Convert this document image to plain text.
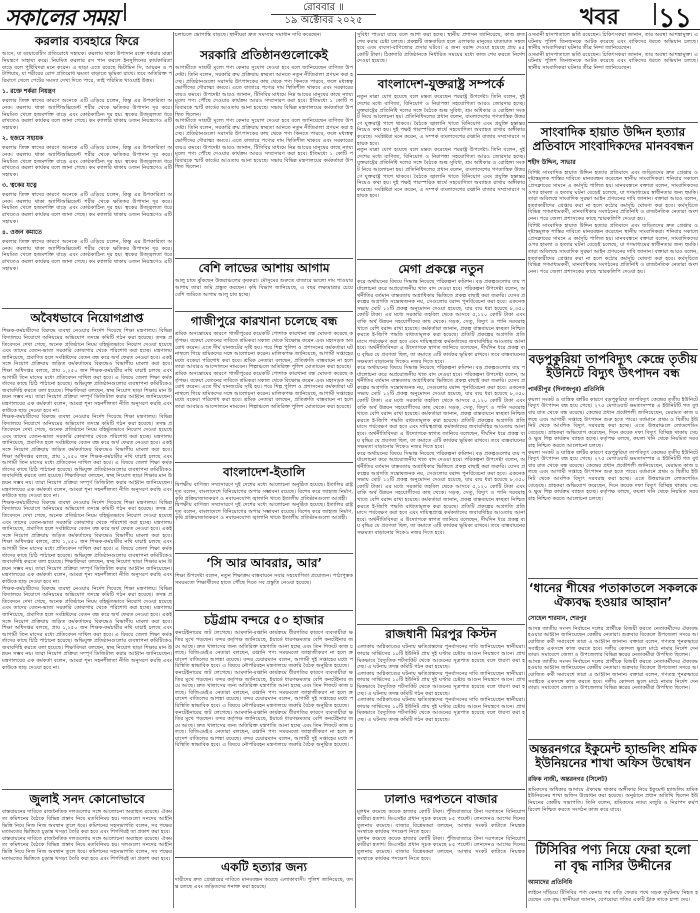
সকালের সময়	রোববার ॥
১৯ অক্টোবর ২০২৫	খবর ১১
করলার ব্যবহারে ফিরে
আসে, যা ডায়াবেটিস প্রতিরোধে সহায়ক। করলায় থাকা উপাদান রক্তে শর্করার মাত্রা নিয়ন্ত্রণে সাহায্য করে। নিয়মিত করলার রস পান করলে ইনসুলিনের কার্যকারিতা বাড়ে বলে পুষ্টিবিদরা মনে করেন। এ ছাড়া এতে রয়েছে ভিটামিন সি, আয়রন ও পটাশিয়াম, যা শরীরের রোগ প্রতিরোধ ক্ষমতা বাড়াতে ভূমিকা রাখে। তবে অতিরিক্ত পরিমাণে খেলে পেটের সমস্যা দেখা দিতে পারে, তাই পরিমিত খাওয়াই উত্তম।
১. রক্তে শর্করা নিয়ন্ত্রণ
করলার তিক্ত স্বাদের কারণে অনেকে এটি এড়িয়ে চলেন, কিন্তু এর উপকারিতা অনেক। করলায় থাকা অ্যান্টিঅক্সিডেন্ট শরীর থেকে ক্ষতিকর উপাদান দূর করে। নিয়মিত খেলে হজমশক্তি বাড়ে এবং কোষ্ঠকাঠিন্য দূর হয়। ত্বকের উজ্জ্বলতা ধরে রাখতেও করলা কার্যকর বলে জানা গেছে। কম ক্যালরি থাকায় ওজন নিয়ন্ত্রণেও এটি সহায়ক।
২. হজমে সহায়ক
করলার তিক্ত স্বাদের কারণে অনেকে এটি এড়িয়ে চলেন, কিন্তু এর উপকারিতা অনেক। করলায় থাকা অ্যান্টিঅক্সিডেন্ট শরীর থেকে ক্ষতিকর উপাদান দূর করে। নিয়মিত খেলে হজমশক্তি বাড়ে এবং কোষ্ঠকাঠিন্য দূর হয়। ত্বকের উজ্জ্বলতা ধরে রাখতেও করলা কার্যকর বলে জানা গেছে। কম ক্যালরি থাকায় ওজন নিয়ন্ত্রণেও এটি সহায়ক।
৩. ত্বকের যত্নে
করলার তিক্ত স্বাদের কারণে অনেকে এটি এড়িয়ে চলেন, কিন্তু এর উপকারিতা অনেক। করলায় থাকা অ্যান্টিঅক্সিডেন্ট শরীর থেকে ক্ষতিকর উপাদান দূর করে। নিয়মিত খেলে হজমশক্তি বাড়ে এবং কোষ্ঠকাঠিন্য দূর হয়। ত্বকের উজ্জ্বলতা ধরে রাখতেও করলা কার্যকর বলে জানা গেছে। কম ক্যালরি থাকায় ওজন নিয়ন্ত্রণেও এটি সহায়ক।
৪. ওজন কমাতে
করলার তিক্ত স্বাদের কারণে অনেকে এটি এড়িয়ে চলেন, কিন্তু এর উপকারিতা অনেক। করলায় থাকা অ্যান্টিঅক্সিডেন্ট শরীর থেকে ক্ষতিকর উপাদান দূর করে। নিয়মিত খেলে হজমশক্তি বাড়ে এবং কোষ্ঠকাঠিন্য দূর হয়। ত্বকের উজ্জ্বলতা ধরে রাখতেও করলা কার্যকর বলে জানা গেছে। কম ক্যালরি থাকায় ওজন নিয়ন্ত্রণেও এটি সহায়ক।
অবৈধভাবে নিয়োগপ্রাপ্ত
শিক্ষক-কর্মচারীদের বিরুদ্ধে ব্যবস্থা নেওয়ার নির্দেশ দিয়েছে শিক্ষা মন্ত্রণালয়। বিভিন্ন বিদ্যালয়ে নিয়োগে অনিয়মের অভিযোগ তদন্তে কমিটি গঠন করা হয়েছে। তদন্ত প্রতিবেদনে দেখা গেছে, অনেক প্রতিষ্ঠানে নিয়ম বহির্ভূতভাবে নিয়োগ দেওয়া হয়েছে এবং তাদের বেতন-ভাতা সরকারি কোষাগার থেকে পরিশোধ করা হচ্ছে। মন্ত্রণালয় জানিয়েছে, প্রমাণিত হলে সংশ্লিষ্টদের বেতন বন্ধ করে অর্থ ফেরত নেওয়া হবে। একই সঙ্গে নিয়োগ প্রক্রিয়ায় জড়িত কর্মকর্তাদের বিরুদ্ধেও বিভাগীয় মামলা করা হবে। শিক্ষা অধিদপ্তর বলছে, প্রায় ১,২৫০ জন শিক্ষক-কর্মচারীর নথি যাচাই চলছে এবং আগামী তিন মাসের মধ্যে প্রতিবেদন দাখিল করা হবে। এ বিষয়ে জেলা শিক্ষা কর্মকর্তাদের কাছে চিঠি পাঠানো হয়েছে। অভিযুক্ত প্রতিষ্ঠানগুলোর ব্যবস্থাপনা কমিটিকেও জবাবদিহি করতে বলা হয়েছে। শিক্ষাবিদরা বলছেন, স্বচ্ছ নিয়োগ ছাড়া শিক্ষার মান উন্নয়ন সম্ভব নয়। তারা নিয়োগ প্রক্রিয়া সম্পূর্ণ ডিজিটাল করার আহ্বান জানিয়েছেন। মন্ত্রণালয়ের এক কর্মকর্তা বলেন, আমরা শূন্য সহনশীলতা নীতি অনুসরণ করছি এবং কাউকে ছাড় দেওয়া হবে না।
শিক্ষক-কর্মচারীদের বিরুদ্ধে ব্যবস্থা নেওয়ার নির্দেশ দিয়েছে শিক্ষা মন্ত্রণালয়। বিভিন্ন বিদ্যালয়ে নিয়োগে অনিয়মের অভিযোগ তদন্তে কমিটি গঠন করা হয়েছে। তদন্ত প্রতিবেদনে দেখা গেছে, অনেক প্রতিষ্ঠানে নিয়ম বহির্ভূতভাবে নিয়োগ দেওয়া হয়েছে এবং তাদের বেতন-ভাতা সরকারি কোষাগার থেকে পরিশোধ করা হচ্ছে। মন্ত্রণালয় জানিয়েছে, প্রমাণিত হলে সংশ্লিষ্টদের বেতন বন্ধ করে অর্থ ফেরত নেওয়া হবে। একই সঙ্গে নিয়োগ প্রক্রিয়ায় জড়িত কর্মকর্তাদের বিরুদ্ধেও বিভাগীয় মামলা করা হবে। শিক্ষা অধিদপ্তর বলছে, প্রায় ১,২৫০ জন শিক্ষক-কর্মচারীর নথি যাচাই চলছে এবং আগামী তিন মাসের মধ্যে প্রতিবেদন দাখিল করা হবে। এ বিষয়ে জেলা শিক্ষা কর্মকর্তাদের কাছে চিঠি পাঠানো হয়েছে। অভিযুক্ত প্রতিষ্ঠানগুলোর ব্যবস্থাপনা কমিটিকেও জবাবদিহি করতে বলা হয়েছে। শিক্ষাবিদরা বলছেন, স্বচ্ছ নিয়োগ ছাড়া শিক্ষার মান উন্নয়ন সম্ভব নয়। তারা নিয়োগ প্রক্রিয়া সম্পূর্ণ ডিজিটাল করার আহ্বান জানিয়েছেন। মন্ত্রণালয়ের এক কর্মকর্তা বলেন, আমরা শূন্য সহনশীলতা নীতি অনুসরণ করছি এবং কাউকে ছাড় দেওয়া হবে না।
শিক্ষক-কর্মচারীদের বিরুদ্ধে ব্যবস্থা নেওয়ার নির্দেশ দিয়েছে শিক্ষা মন্ত্রণালয়। বিভিন্ন বিদ্যালয়ে নিয়োগে অনিয়মের অভিযোগ তদন্তে কমিটি গঠন করা হয়েছে। তদন্ত প্রতিবেদনে দেখা গেছে, অনেক প্রতিষ্ঠানে নিয়ম বহির্ভূতভাবে নিয়োগ দেওয়া হয়েছে এবং তাদের বেতন-ভাতা সরকারি কোষাগার থেকে পরিশোধ করা হচ্ছে। মন্ত্রণালয় জানিয়েছে, প্রমাণিত হলে সংশ্লিষ্টদের বেতন বন্ধ করে অর্থ ফেরত নেওয়া হবে। একই সঙ্গে নিয়োগ প্রক্রিয়ায় জড়িত কর্মকর্তাদের বিরুদ্ধেও বিভাগীয় মামলা করা হবে। শিক্ষা অধিদপ্তর বলছে, প্রায় ১,২৫০ জন শিক্ষক-কর্মচারীর নথি যাচাই চলছে এবং আগামী তিন মাসের মধ্যে প্রতিবেদন দাখিল করা হবে। এ বিষয়ে জেলা শিক্ষা কর্মকর্তাদের কাছে চিঠি পাঠানো হয়েছে। অভিযুক্ত প্রতিষ্ঠানগুলোর ব্যবস্থাপনা কমিটিকেও জবাবদিহি করতে বলা হয়েছে। শিক্ষাবিদরা বলছেন, স্বচ্ছ নিয়োগ ছাড়া শিক্ষার মান উন্নয়ন সম্ভব নয়। তারা নিয়োগ প্রক্রিয়া সম্পূর্ণ ডিজিটাল করার আহ্বান জানিয়েছেন। মন্ত্রণালয়ের এক কর্মকর্তা বলেন, আমরা শূন্য সহনশীলতা নীতি অনুসরণ করছি এবং কাউকে ছাড় দেওয়া হবে না।
শিক্ষক-কর্মচারীদের বিরুদ্ধে ব্যবস্থা নেওয়ার নির্দেশ দিয়েছে শিক্ষা মন্ত্রণালয়। বিভিন্ন বিদ্যালয়ে নিয়োগে অনিয়মের অভিযোগ তদন্তে কমিটি গঠন করা হয়েছে। তদন্ত প্রতিবেদনে দেখা গেছে, অনেক প্রতিষ্ঠানে নিয়ম বহির্ভূতভাবে নিয়োগ দেওয়া হয়েছে এবং তাদের বেতন-ভাতা সরকারি কোষাগার থেকে পরিশোধ করা হচ্ছে। মন্ত্রণালয় জানিয়েছে, প্রমাণিত হলে সংশ্লিষ্টদের বেতন বন্ধ করে অর্থ ফেরত নেওয়া হবে। একই সঙ্গে নিয়োগ প্রক্রিয়ায় জড়িত কর্মকর্তাদের বিরুদ্ধেও বিভাগীয় মামলা করা হবে। শিক্ষা অধিদপ্তর বলছে, প্রায় ১,২৫০ জন শিক্ষক-কর্মচারীর নথি যাচাই চলছে এবং আগামী তিন মাসের মধ্যে প্রতিবেদন দাখিল করা হবে। এ বিষয়ে জেলা শিক্ষা কর্মকর্তাদের কাছে চিঠি পাঠানো হয়েছে। অভিযুক্ত প্রতিষ্ঠানগুলোর ব্যবস্থাপনা কমিটিকেও জবাবদিহি করতে বলা হয়েছে। শিক্ষাবিদরা বলছেন, স্বচ্ছ নিয়োগ ছাড়া শিক্ষার মান উন্নয়ন সম্ভব নয়। তারা নিয়োগ প্রক্রিয়া সম্পূর্ণ ডিজিটাল করার আহ্বান জানিয়েছেন। মন্ত্রণালয়ের এক কর্মকর্তা বলেন, আমরা শূন্য সহনশীলতা নীতি অনুসরণ করছি এবং কাউকে ছাড় দেওয়া হবে না।
জুলাই সনদ কোনোভাবে
বাস্তবায়নের দাবিতে রাজনৈতিক দলগুলোর সঙ্গে আলোচনা অব্যাহত রয়েছে। ঐকমত্য কমিশনের বৈঠকে বিভিন্ন প্রস্তাব নিয়ে মতবিনিময় হয়। দলগুলো সনদের আইনি ভিত্তি নিয়ে নিজ নিজ অবস্থান তুলে ধরে। কমিশনের সহসভাপতি বলেন, সব পক্ষের মতামতের ভিত্তিতে চূড়ান্ত খসড়া তৈরি করা হবে এবং শিগগিরই তা প্রকাশ করা হবে।
বাস্তবায়নের দাবিতে রাজনৈতিক দলগুলোর সঙ্গে আলোচনা অব্যাহত রয়েছে। ঐকমত্য কমিশনের বৈঠকে বিভিন্ন প্রস্তাব নিয়ে মতবিনিময় হয়। দলগুলো সনদের আইনি ভিত্তি নিয়ে নিজ নিজ অবস্থান তুলে ধরে। কমিশনের সহসভাপতি বলেন, সব পক্ষের মতামতের ভিত্তিতে চূড়ান্ত খসড়া তৈরি করা হবে এবং শিগগিরই তা প্রকাশ করা হবে।
চলাচলে ভোগান্তি বাড়ছে। স্থানীয়রা দ্রুত সমস্যার সমাধান দাবি করেছেন।
সরকারি প্রতিষ্ঠানগুলোকেই
আগামীতে সাশ্রয়ী মূল্যে পণ্য কেনার সুযোগ দেওয়া হবে বলে জানিয়েছেন বাণিজ্য উপদেষ্টা। তিনি বলেন, সরকারি ক্রয় প্রক্রিয়ায় স্বচ্ছতা আনতে নতুন নীতিমালা প্রণয়ন করা হচ্ছে। প্রতিষ্ঠানগুলো সরাসরি উৎপাদকের কাছ থেকে পণ্য কিনতে পারবে, ফলে মধ্যস্বত্বভোগীদের দৌরাত্ম্য কমবে। এতে বাজারে পণ্যের দাম স্থিতিশীল থাকবে এবং সরকারের ব্যয়ও কমবে। উপদেষ্টা আরও জানান, টিসিবির মাধ্যমে নিম্ন আয়ের মানুষের কাছে ন্যায্যমূল্যে পণ্য পৌঁছে দেওয়ার কার্যক্রম আরও সম্প্রসারণ করা হবে। ইতিমধ্যে ১ কোটি পরিবারকে স্মার্ট কার্ডের আওতায় আনা হয়েছে। সভায় বিভিন্ন মন্ত্রণালয়ের কর্মকর্তারা উপস্থিত ছিলেন।
আগামীতে সাশ্রয়ী মূল্যে পণ্য কেনার সুযোগ দেওয়া হবে বলে জানিয়েছেন বাণিজ্য উপদেষ্টা। তিনি বলেন, সরকারি ক্রয় প্রক্রিয়ায় স্বচ্ছতা আনতে নতুন নীতিমালা প্রণয়ন করা হচ্ছে। প্রতিষ্ঠানগুলো সরাসরি উৎপাদকের কাছ থেকে পণ্য কিনতে পারবে, ফলে মধ্যস্বত্বভোগীদের দৌরাত্ম্য কমবে। এতে বাজারে পণ্যের দাম স্থিতিশীল থাকবে এবং সরকারের ব্যয়ও কমবে। উপদেষ্টা আরও জানান, টিসিবির মাধ্যমে নিম্ন আয়ের মানুষের কাছে ন্যায্যমূল্যে পণ্য পৌঁছে দেওয়ার কার্যক্রম আরও সম্প্রসারণ করা হবে। ইতিমধ্যে ১ কোটি পরিবারকে স্মার্ট কার্ডের আওতায় আনা হয়েছে। সভায় বিভিন্ন মন্ত্রণালয়ের কর্মকর্তারা উপস্থিত ছিলেন।
বেশি লাভের আশায় আগাম
আলু চাষে ঝুঁকছেন উত্তরাঞ্চলের কৃষকরা। মৌসুমের শুরুতে বাজারে ভালো দাম পাওয়ার আশায় তারা জমি প্রস্তুত করছেন। কৃষি বিভাগ জানিয়েছে, এ বছর লক্ষ্যমাত্রার চেয়ে বেশি জমিতে আগাম আলু চাষ হচ্ছে।
গাজীপুরে কারখানা চলেছে বন্ধ
শ্রমিক অসন্তোষের কারণে গাজীপুরের কয়েকটি পোশাক কারখানা বন্ধ ঘোষণা করেছে কর্তৃপক্ষ। বকেয়া বেতনের দাবিতে শ্রমিকরা সকাল থেকে বিক্ষোভ করেন এবং মহাসড়ক অবরোধ করেন। এতে দীর্ঘ যানজটের সৃষ্টি হয়। পরে শিল্প পুলিশ ও প্রশাসনের কর্মকর্তারা ঘটনাস্থলে গিয়ে শ্রমিকদের সঙ্গে আলোচনা করেন। মালিকপক্ষ জানিয়েছে, আগামী সপ্তাহের মধ্যে বকেয়া পরিশোধ করা হবে। শ্রমিক নেতারা বলছেন, প্রতিশ্রুতি বাস্তবায়ন না হলে তারা আবারও আন্দোলনে নামবেন। শিল্পাঞ্চলে অতিরিক্ত পুলিশ মোতায়েন করা হয়েছে।
শ্রমিক অসন্তোষের কারণে গাজীপুরের কয়েকটি পোশাক কারখানা বন্ধ ঘোষণা করেছে কর্তৃপক্ষ। বকেয়া বেতনের দাবিতে শ্রমিকরা সকাল থেকে বিক্ষোভ করেন এবং মহাসড়ক অবরোধ করেন। এতে দীর্ঘ যানজটের সৃষ্টি হয়। পরে শিল্প পুলিশ ও প্রশাসনের কর্মকর্তারা ঘটনাস্থলে গিয়ে শ্রমিকদের সঙ্গে আলোচনা করেন। মালিকপক্ষ জানিয়েছে, আগামী সপ্তাহের মধ্যে বকেয়া পরিশোধ করা হবে। শ্রমিক নেতারা বলছেন, প্রতিশ্রুতি বাস্তবায়ন না হলে তারা আবারও আন্দোলনে নামবেন। শিল্পাঞ্চলে অতিরিক্ত পুলিশ মোতায়েন করা হয়েছে।
বাংলাদেশ-ইতালি
দ্বিপক্ষীয় বাণিজ্য সম্প্রসারণে দুই দেশের মধ্যে আলোচনা অনুষ্ঠিত হয়েছে। ইতালির রাষ্ট্রদূত বলেন, বাংলাদেশে বিনিয়োগের অপার সম্ভাবনা রয়েছে। বিশেষ করে জাহাজ নির্মাণ, কৃষি প্রক্রিয়াজাতকরণ ও নবায়নযোগ্য জ্বালানি খাতে ইতালীয় প্রতিষ্ঠানগুলো আগ্রহী।
দ্বিপক্ষীয় বাণিজ্য সম্প্রসারণে দুই দেশের মধ্যে আলোচনা অনুষ্ঠিত হয়েছে। ইতালির রাষ্ট্রদূত বলেন, বাংলাদেশে বিনিয়োগের অপার সম্ভাবনা রয়েছে। বিশেষ করে জাহাজ নির্মাণ, কৃষি প্রক্রিয়াজাতকরণ ও নবায়নযোগ্য জ্বালানি খাতে ইতালীয় প্রতিষ্ঠানগুলো আগ্রহী।
‘সি আর আবরার, আর’
শিক্ষা উপদেষ্টা বলেন, নতুন শিক্ষাক্রম বাস্তবায়নে সবার সহযোগিতা প্রয়োজন। পাঠ্যপুস্তক সময়মতো শিক্ষার্থীদের হাতে পৌঁছে দিতে সব প্রস্তুতি নেওয়া হয়েছে।
চট্টগ্রাম বন্দরে ৫০ হাজার
কনটেইনারের জট লেগেছে। আমদানি-রপ্তানি কার্যক্রমে ধীরগতির কারণে ব্যবসায়ীরা ক্ষতির মুখে পড়ছেন। বন্দর কর্তৃপক্ষ জানিয়েছে, ইয়ার্ডে ধারণক্ষমতার বেশি কনটেইনার জমে আছে। দ্রুত খালাসের জন্য অতিরিক্ত যন্ত্রপাতি আনা হচ্ছে এবং তিন শিফটে কাজ চলছে। বিজিএমইএ নেতারা বলছেন, রপ্তানি পণ্য সময়মতো জাহাজীকরণ না হলে ক্রয়াদেশ বাতিলের আশঙ্কা রয়েছে। বন্দর চেয়ারম্যান বলেন, আগামী দুই সপ্তাহের মধ্যে পরিস্থিতি স্বাভাবিক হবে। এ বিষয়ে নৌপরিবহন মন্ত্রণালয়ে জরুরি বৈঠক অনুষ্ঠিত হয়েছে।
কনটেইনারের জট লেগেছে। আমদানি-রপ্তানি কার্যক্রমে ধীরগতির কারণে ব্যবসায়ীরা ক্ষতির মুখে পড়ছেন। বন্দর কর্তৃপক্ষ জানিয়েছে, ইয়ার্ডে ধারণক্ষমতার বেশি কনটেইনার জমে আছে। দ্রুত খালাসের জন্য অতিরিক্ত যন্ত্রপাতি আনা হচ্ছে এবং তিন শিফটে কাজ চলছে। বিজিএমইএ নেতারা বলছেন, রপ্তানি পণ্য সময়মতো জাহাজীকরণ না হলে ক্রয়াদেশ বাতিলের আশঙ্কা রয়েছে। বন্দর চেয়ারম্যান বলেন, আগামী দুই সপ্তাহের মধ্যে পরিস্থিতি স্বাভাবিক হবে। এ বিষয়ে নৌপরিবহন মন্ত্রণালয়ে জরুরি বৈঠক অনুষ্ঠিত হয়েছে।
কনটেইনারের জট লেগেছে। আমদানি-রপ্তানি কার্যক্রমে ধীরগতির কারণে ব্যবসায়ীরা ক্ষতির মুখে পড়ছেন। বন্দর কর্তৃপক্ষ জানিয়েছে, ইয়ার্ডে ধারণক্ষমতার বেশি কনটেইনার জমে আছে। দ্রুত খালাসের জন্য অতিরিক্ত যন্ত্রপাতি আনা হচ্ছে এবং তিন শিফটে কাজ চলছে। বিজিএমইএ নেতারা বলছেন, রপ্তানি পণ্য সময়মতো জাহাজীকরণ না হলে ক্রয়াদেশ বাতিলের আশঙ্কা রয়েছে। বন্দর চেয়ারম্যান বলেন, আগামী দুই সপ্তাহের মধ্যে পরিস্থিতি স্বাভাবিক হবে। এ বিষয়ে নৌপরিবহন মন্ত্রণালয়ে জরুরি বৈঠক অনুষ্ঠিত হয়েছে।
একটি হত্যার জন্য
দায়ীদের দ্রুত গ্রেপ্তারের দাবিতে মানববন্ধন করেছে এলাকাবাসী। পুলিশ জানিয়েছে, তদন্ত চলছে এবং জড়িতদের শনাক্ত করা হয়েছে।
সুবিধা পাওয়া যাবে বলে আশা করা হচ্ছে। স্থানীয় প্রশাসন জানিয়েছে, কাজ দ্রুত শেষ করার চেষ্টা চলছে। প্রকল্পটি বাস্তবায়িত হলে এলাকার মানুষের যাতায়াত সহজ হবে এবং ব্যবসা-বাণিজ্যের প্রসার ঘটবে। এ জন্য বরাদ্দ দেওয়া হয়েছে প্রায় ৪৫ কোটি টাকা। ঠিকাদারি প্রতিষ্ঠানকে নির্ধারিত সময়ের মধ্যে কাজ শেষ করতে নির্দেশ দেওয়া হয়েছে।
বাংলাদেশ-যুক্তরাষ্ট্র সম্পর্কে
নতুন মাত্রা যোগ হয়েছে বলে মন্তব্য করেছেন পররাষ্ট্র উপদেষ্টা। তিনি বলেন, দুই দেশের মধ্যে বাণিজ্য, বিনিয়োগ ও নিরাপত্তা সহযোগিতা আরও জোরদার হচ্ছে। যুক্তরাষ্ট্রের প্রতিনিধি দলের সঙ্গে বৈঠকে শুল্ক সুবিধা, শ্রম অধিকার ও রোহিঙ্গা সংকট নিয়ে আলোচনা হয়। প্রতিনিধিদলের প্রধান বলেন, বাংলাদেশের গণতান্ত্রিক উত্তরণে যুক্তরাষ্ট্র পাশে থাকবে। বৈঠকে জ্বালানি খাতে বিনিয়োগ এবং প্রযুক্তি হস্তান্তর নিয়েও কথা হয়। দুই পক্ষই পারস্পরিক স্বার্থে সহযোগিতা অব্যাহত রাখার অঙ্গীকার করেছে। সংশ্লিষ্টরা মনে করেন, এ সম্পর্ক বাংলাদেশের রপ্তানি বাজার সম্প্রসারণে সহায়ক হবে।
নতুন মাত্রা যোগ হয়েছে বলে মন্তব্য করেছেন পররাষ্ট্র উপদেষ্টা। তিনি বলেন, দুই দেশের মধ্যে বাণিজ্য, বিনিয়োগ ও নিরাপত্তা সহযোগিতা আরও জোরদার হচ্ছে। যুক্তরাষ্ট্রের প্রতিনিধি দলের সঙ্গে বৈঠকে শুল্ক সুবিধা, শ্রম অধিকার ও রোহিঙ্গা সংকট নিয়ে আলোচনা হয়। প্রতিনিধিদলের প্রধান বলেন, বাংলাদেশের গণতান্ত্রিক উত্তরণে যুক্তরাষ্ট্র পাশে থাকবে। বৈঠকে জ্বালানি খাতে বিনিয়োগ এবং প্রযুক্তি হস্তান্তর নিয়েও কথা হয়। দুই পক্ষই পারস্পরিক স্বার্থে সহযোগিতা অব্যাহত রাখার অঙ্গীকার করেছে। সংশ্লিষ্টরা মনে করেন, এ সম্পর্ক বাংলাদেশের রপ্তানি বাজার সম্প্রসারণে সহায়ক হবে।
মেগা প্রকল্পে নতুন
করে অর্থায়নের বিষয়ে সিদ্ধান্ত নিয়েছে পরিকল্পনা কমিশন। বড় প্রকল্পগুলোর ব্যয় পর্যালোচনা করে অপ্রয়োজনীয় খাত বাদ দেওয়া হবে। পরিকল্পনা উপদেষ্টা বলেন, অর্থনীতির বর্তমান বাস্তবতায় অগ্রাধিকার ভিত্তিতে প্রকল্প বাছাই করা জরুরি। যেসব প্রকল্পের অগ্রগতি সন্তোষজনক নয়, সেগুলোর বরাদ্দ পুনর্বিবেচনা করা হবে। একনেক সভায় মোট ১২টি প্রকল্প অনুমোদন দেওয়া হয়েছে, যার ব্যয় ধরা হয়েছে ৮,৩৫০ কোটি টাকা। এর মধ্যে সরকারি তহবিল থেকে আসবে ৫,১২০ কোটি টাকা এবং বাকি অর্থ উন্নয়ন সহযোগীদের কাছ থেকে। সড়ক, সেতু, বিদ্যুৎ ও পানি সরবরাহ খাতে বেশি বরাদ্দ রাখা হয়েছে। কর্মকর্তারা জানান, প্রকল্প বাস্তবায়নে স্বচ্ছতা নিশ্চিত করতে ই-জিপি পদ্ধতি বাধ্যতামূলক করা হয়েছে। প্রতিটি প্রকল্পের অগ্রগতি প্রতি মাসে পর্যবেক্ষণ করা হবে এবং দায়িত্বপ্রাপ্ত কর্মকর্তাদের জবাবদিহির আওতায় আনা হবে। অর্থনীতিবিদরা এ উদ্যোগকে স্বাগত জানিয়ে বলেছেন, দীর্ঘদিন ধরে প্রকল্প ব্যয় বৃদ্ধির যে প্রবণতা ছিল, তা কমাতে এটি কার্যকর ভূমিকা রাখবে। তবে বাস্তবায়নের সক্ষমতা বাড়ানোর দিকেও নজর দিতে হবে।
করে অর্থায়নের বিষয়ে সিদ্ধান্ত নিয়েছে পরিকল্পনা কমিশন। বড় প্রকল্পগুলোর ব্যয় পর্যালোচনা করে অপ্রয়োজনীয় খাত বাদ দেওয়া হবে। পরিকল্পনা উপদেষ্টা বলেন, অর্থনীতির বর্তমান বাস্তবতায় অগ্রাধিকার ভিত্তিতে প্রকল্প বাছাই করা জরুরি। যেসব প্রকল্পের অগ্রগতি সন্তোষজনক নয়, সেগুলোর বরাদ্দ পুনর্বিবেচনা করা হবে। একনেক সভায় মোট ১২টি প্রকল্প অনুমোদন দেওয়া হয়েছে, যার ব্যয় ধরা হয়েছে ৮,৩৫০ কোটি টাকা। এর মধ্যে সরকারি তহবিল থেকে আসবে ৫,১২০ কোটি টাকা এবং বাকি অর্থ উন্নয়ন সহযোগীদের কাছ থেকে। সড়ক, সেতু, বিদ্যুৎ ও পানি সরবরাহ খাতে বেশি বরাদ্দ রাখা হয়েছে। কর্মকর্তারা জানান, প্রকল্প বাস্তবায়নে স্বচ্ছতা নিশ্চিত করতে ই-জিপি পদ্ধতি বাধ্যতামূলক করা হয়েছে। প্রতিটি প্রকল্পের অগ্রগতি প্রতি মাসে পর্যবেক্ষণ করা হবে এবং দায়িত্বপ্রাপ্ত কর্মকর্তাদের জবাবদিহির আওতায় আনা হবে। অর্থনীতিবিদরা এ উদ্যোগকে স্বাগত জানিয়ে বলেছেন, দীর্ঘদিন ধরে প্রকল্প ব্যয় বৃদ্ধির যে প্রবণতা ছিল, তা কমাতে এটি কার্যকর ভূমিকা রাখবে। তবে বাস্তবায়নের সক্ষমতা বাড়ানোর দিকেও নজর দিতে হবে।
করে অর্থায়নের বিষয়ে সিদ্ধান্ত নিয়েছে পরিকল্পনা কমিশন। বড় প্রকল্পগুলোর ব্যয় পর্যালোচনা করে অপ্রয়োজনীয় খাত বাদ দেওয়া হবে। পরিকল্পনা উপদেষ্টা বলেন, অর্থনীতির বর্তমান বাস্তবতায় অগ্রাধিকার ভিত্তিতে প্রকল্প বাছাই করা জরুরি। যেসব প্রকল্পের অগ্রগতি সন্তোষজনক নয়, সেগুলোর বরাদ্দ পুনর্বিবেচনা করা হবে। একনেক সভায় মোট ১২টি প্রকল্প অনুমোদন দেওয়া হয়েছে, যার ব্যয় ধরা হয়েছে ৮,৩৫০ কোটি টাকা। এর মধ্যে সরকারি তহবিল থেকে আসবে ৫,১২০ কোটি টাকা এবং বাকি অর্থ উন্নয়ন সহযোগীদের কাছ থেকে। সড়ক, সেতু, বিদ্যুৎ ও পানি সরবরাহ খাতে বেশি বরাদ্দ রাখা হয়েছে। কর্মকর্তারা জানান, প্রকল্প বাস্তবায়নে স্বচ্ছতা নিশ্চিত করতে ই-জিপি পদ্ধতি বাধ্যতামূলক করা হয়েছে। প্রতিটি প্রকল্পের অগ্রগতি প্রতি মাসে পর্যবেক্ষণ করা হবে এবং দায়িত্বপ্রাপ্ত কর্মকর্তাদের জবাবদিহির আওতায় আনা হবে। অর্থনীতিবিদরা এ উদ্যোগকে স্বাগত জানিয়ে বলেছেন, দীর্ঘদিন ধরে প্রকল্প ব্যয় বৃদ্ধির যে প্রবণতা ছিল, তা কমাতে এটি কার্যকর ভূমিকা রাখবে। তবে বাস্তবায়নের সক্ষমতা বাড়ানোর দিকেও নজর দিতে হবে।
রাজধানী মিরপুর কিস্টন
এলাকায় অগ্নিকাণ্ডের ঘটনায় ক্ষতিগ্রস্তদের পুনর্বাসনের দাবি জানিয়েছেন স্থানীয়রা। ফায়ার সার্ভিসের ১০টি ইউনিট প্রায় দুই ঘণ্টার চেষ্টায় আগুন নিয়ন্ত্রণে আনে। প্রাথমিকভাবে বৈদ্যুতিক শর্টসার্কিট থেকে আগুনের সূত্রপাত হয়েছে বলে ধারণা করা হচ্ছে। এ ঘটনায় তদন্ত কমিটি গঠন করা হয়েছে।
এলাকায় অগ্নিকাণ্ডের ঘটনায় ক্ষতিগ্রস্তদের পুনর্বাসনের দাবি জানিয়েছেন স্থানীয়রা। ফায়ার সার্ভিসের ১০টি ইউনিট প্রায় দুই ঘণ্টার চেষ্টায় আগুন নিয়ন্ত্রণে আনে। প্রাথমিকভাবে বৈদ্যুতিক শর্টসার্কিট থেকে আগুনের সূত্রপাত হয়েছে বলে ধারণা করা হচ্ছে। এ ঘটনায় তদন্ত কমিটি গঠন করা হয়েছে।
এলাকায় অগ্নিকাণ্ডের ঘটনায় ক্ষতিগ্রস্তদের পুনর্বাসনের দাবি জানিয়েছেন স্থানীয়রা। ফায়ার সার্ভিসের ১০টি ইউনিট প্রায় দুই ঘণ্টার চেষ্টায় আগুন নিয়ন্ত্রণে আনে। প্রাথমিকভাবে বৈদ্যুতিক শর্টসার্কিট থেকে আগুনের সূত্রপাত হয়েছে বলে ধারণা করা হচ্ছে। এ ঘটনায় তদন্ত কমিটি গঠন করা হয়েছে।
ঢালাও দরপতনে বাজার
মূলধন কমেছে কয়েক হাজার কোটি টাকা। পুঁজিবাজারে টানা দরপতনে বিনিয়োগকারীরা হতাশ। ডিএসইর প্রধান সূচক কমেছে ৮৫ পয়েন্ট। লেনদেনও আগের দিনের তুলনায় কমেছে। বাজার বিশ্লেষকরা বলছেন, আস্থার সংকট কাটাতে নিয়ন্ত্রক সংস্থাকে কার্যকর পদক্ষেপ নিতে হবে।
মূলধন কমেছে কয়েক হাজার কোটি টাকা। পুঁজিবাজারে টানা দরপতনে বিনিয়োগকারীরা হতাশ। ডিএসইর প্রধান সূচক কমেছে ৮৫ পয়েন্ট। লেনদেনও আগের দিনের তুলনায় কমেছে। বাজার বিশ্লেষকরা বলছেন, আস্থার সংকট কাটাতে নিয়ন্ত্রক সংস্থাকে কার্যকর পদক্ষেপ নিতে হবে।
ওসমানী হাসপাতালে ভর্তি রয়েছেন। চিকিৎসকরা জানান, তার অবস্থা আশঙ্কামুক্ত। এ ঘটনায় পুলিশ তিনজনকে আটক করেছে এবং বাকিদের ধরতে অভিযান চলছে। স্থানীয় সাংবাদিকরা ঘটনার তীব্র নিন্দা জানিয়েছেন।
ওসমানী হাসপাতালে ভর্তি রয়েছেন। চিকিৎসকরা জানান, তার অবস্থা আশঙ্কামুক্ত। এ ঘটনায় পুলিশ তিনজনকে আটক করেছে এবং বাকিদের ধরতে অভিযান চলছে। স্থানীয় সাংবাদিকরা ঘটনার তীব্র নিন্দা জানিয়েছেন।
সাংবাদিক হায়াত উদ্দিন হত্যার প্রতিবাদে সাংবাদিকদের মানববন্ধন
শহীদ উদ্দিন, সাভার
বিশিষ্ট সাংবাদিক হায়াত উদ্দিন হত্যার প্রতিবাদে এবং জড়িতদের দ্রুত গ্রেপ্তার ও দৃষ্টান্তমূলক শাস্তির দাবিতে মানববন্ধন করেছেন স্থানীয় সাংবাদিকরা। শনিবার সকালে প্রেসক্লাবের সামনে এ কর্মসূচি পালিত হয়। মানববন্ধনে বক্তারা বলেন, সাংবাদিকদের ওপর হামলা ও হত্যার ঘটনা বেড়েই চলেছে, যা গণমাধ্যমের স্বাধীনতার জন্য হুমকি। তারা অবিলম্বে সাংবাদিক সুরক্ষা আইন প্রণয়নের দাবি জানান। বক্তারা আরও বলেন, হত্যাকারীদের গ্রেপ্তার করা না হলে কঠোর কর্মসূচি ঘোষণা করা হবে। কর্মসূচিতে বিভিন্ন গণমাধ্যমকর্মী, মানবাধিকার সংগঠনের প্রতিনিধি ও রাজনৈতিক নেতারা অংশ নেন। পরে জেলা প্রশাসকের কাছে স্মারকলিপি দেওয়া হয়।
বিশিষ্ট সাংবাদিক হায়াত উদ্দিন হত্যার প্রতিবাদে এবং জড়িতদের দ্রুত গ্রেপ্তার ও দৃষ্টান্তমূলক শাস্তির দাবিতে মানববন্ধন করেছেন স্থানীয় সাংবাদিকরা। শনিবার সকালে প্রেসক্লাবের সামনে এ কর্মসূচি পালিত হয়। মানববন্ধনে বক্তারা বলেন, সাংবাদিকদের ওপর হামলা ও হত্যার ঘটনা বেড়েই চলেছে, যা গণমাধ্যমের স্বাধীনতার জন্য হুমকি। তারা অবিলম্বে সাংবাদিক সুরক্ষা আইন প্রণয়নের দাবি জানান। বক্তারা আরও বলেন, হত্যাকারীদের গ্রেপ্তার করা না হলে কঠোর কর্মসূচি ঘোষণা করা হবে। কর্মসূচিতে বিভিন্ন গণমাধ্যমকর্মী, মানবাধিকার সংগঠনের প্রতিনিধি ও রাজনৈতিক নেতারা অংশ নেন। পরে জেলা প্রশাসকের কাছে স্মারকলিপি দেওয়া হয়।
বড়পুকুরিয়া তাপবিদ্যুৎ কেন্দ্রে তৃতীয় ইউনিটে বিদ্যুৎ উৎপাদন বন্ধ
পার্বতীপুর (দিনাজপুর) প্রতিনিধি
কয়লা সংকট ও যান্ত্রিক ত্রুটির কারণে বড়পুকুরিয়া তাপবিদ্যুৎ কেন্দ্রের তৃতীয় ইউনিটে বিদ্যুৎ উৎপাদন বন্ধ হয়ে গেছে। ২৭৫ মেগাওয়াট ক্ষমতাসম্পন্ন এ ইউনিটটি গত বুধবার রাত থেকে বন্ধ রয়েছে। কেন্দ্রের প্রধান প্রকৌশলী জানিয়েছেন, মেরামত কাজ চলছে এবং আগামী সপ্তাহে উৎপাদন শুরু হতে পারে। বর্তমানে প্রথম ও দ্বিতীয় ইউনিট থেকে আংশিক বিদ্যুৎ সরবরাহ করা হচ্ছে। এতে উত্তরাঞ্চলে লোডশেডিং বেড়েছে। গ্রাহকরা অভিযোগ করেছেন, দিনে কয়েক দফা বিদ্যুৎ বিচ্ছিন্ন থাকায় সেচ ও ক্ষুদ্র শিল্প কার্যক্রম ব্যাহত হচ্ছে। কর্তৃপক্ষ বলছে, কয়লা খনি থেকে নিয়মিত সরবরাহ নিশ্চিত করতে আলোচনা চলছে।
কয়লা সংকট ও যান্ত্রিক ত্রুটির কারণে বড়পুকুরিয়া তাপবিদ্যুৎ কেন্দ্রের তৃতীয় ইউনিটে বিদ্যুৎ উৎপাদন বন্ধ হয়ে গেছে। ২৭৫ মেগাওয়াট ক্ষমতাসম্পন্ন এ ইউনিটটি গত বুধবার রাত থেকে বন্ধ রয়েছে। কেন্দ্রের প্রধান প্রকৌশলী জানিয়েছেন, মেরামত কাজ চলছে এবং আগামী সপ্তাহে উৎপাদন শুরু হতে পারে। বর্তমানে প্রথম ও দ্বিতীয় ইউনিট থেকে আংশিক বিদ্যুৎ সরবরাহ করা হচ্ছে। এতে উত্তরাঞ্চলে লোডশেডিং বেড়েছে। গ্রাহকরা অভিযোগ করেছেন, দিনে কয়েক দফা বিদ্যুৎ বিচ্ছিন্ন থাকায় সেচ ও ক্ষুদ্র শিল্প কার্যক্রম ব্যাহত হচ্ছে। কর্তৃপক্ষ বলছে, কয়লা খনি থেকে নিয়মিত সরবরাহ নিশ্চিত করতে আলোচনা চলছে।
‘ধানের শীষের পতাকাতলে সকলকে ঐক্যবদ্ধ হওয়ার আহ্বান’
সোহেল শারমান, শেরপুর
আসন্ন জাতীয় সংসদ নির্বাচনে দলের প্রার্থীকে বিজয়ী করতে নেতাকর্মীদের ঐক্যবদ্ধ হওয়ার আহ্বান জানিয়েছেন কেন্দ্রীয় নেতারা। শুক্রবার বিকেলে উপজেলা সদরে আয়োজিত কর্মী সমাবেশে তারা এ আহ্বান জানান। বক্তারা বলেন, গণতন্ত্র পুনরুদ্ধারে সবাইকে একসঙ্গে কাজ করতে হবে। দলীয় কোন্দল ভুলে মাঠে নামার নির্দেশ দেন তারা। সমাবেশে জেলা ও উপজেলার বিভিন্ন স্তরের নেতাকর্মীরা উপস্থিত ছিলেন।
আসন্ন জাতীয় সংসদ নির্বাচনে দলের প্রার্থীকে বিজয়ী করতে নেতাকর্মীদের ঐক্যবদ্ধ হওয়ার আহ্বান জানিয়েছেন কেন্দ্রীয় নেতারা। শুক্রবার বিকেলে উপজেলা সদরে আয়োজিত কর্মী সমাবেশে তারা এ আহ্বান জানান। বক্তারা বলেন, গণতন্ত্র পুনরুদ্ধারে সবাইকে একসঙ্গে কাজ করতে হবে। দলীয় কোন্দল ভুলে মাঠে নামার নির্দেশ দেন তারা। সমাবেশে জেলা ও উপজেলার বিভিন্ন স্তরের নেতাকর্মীরা উপস্থিত ছিলেন।
অন্তরনগরে ইকুমেন্ট হ্যান্ডলিং শ্রমিক ইউনিয়নের শাখা অফিস উদ্বোধন
রফিক নাজী, অন্তরনগর (সিলেট)
শ্রমিকদের অধিকার আদায়ে ঐক্যবদ্ধ থাকার অঙ্গীকার নিয়ে ইকুমেন্ট হ্যান্ডলিং শ্রমিক ইউনিয়নের শাখা অফিস উদ্বোধন করা হয়েছে। অনুষ্ঠানে প্রধান অতিথি ছিলেন ইউনিয়নের কেন্দ্রীয় সভাপতি। তিনি বলেন, শ্রমিকদের ন্যায্য মজুরি ও নিরাপদ কর্মপরিবেশ নিশ্চিত করতে সংগঠন কাজ করে যাবে।
টিসিবির পণ্য নিয়ে ফেরা হলো না বৃদ্ধ নাসির উদ্দীনের
আমাদের প্রতিনিধি
লাইনে দাঁড়িয়ে টিসিবির পণ্য কেনার পর বাড়ি ফেরার পথে সড়ক দুর্ঘটনায় নিহত হয়েছেন এক বৃদ্ধ। স্থানীয়রা জানান, বেপরোয়া গতির একটি ট্রাক তাকে চাপা দেয়।
